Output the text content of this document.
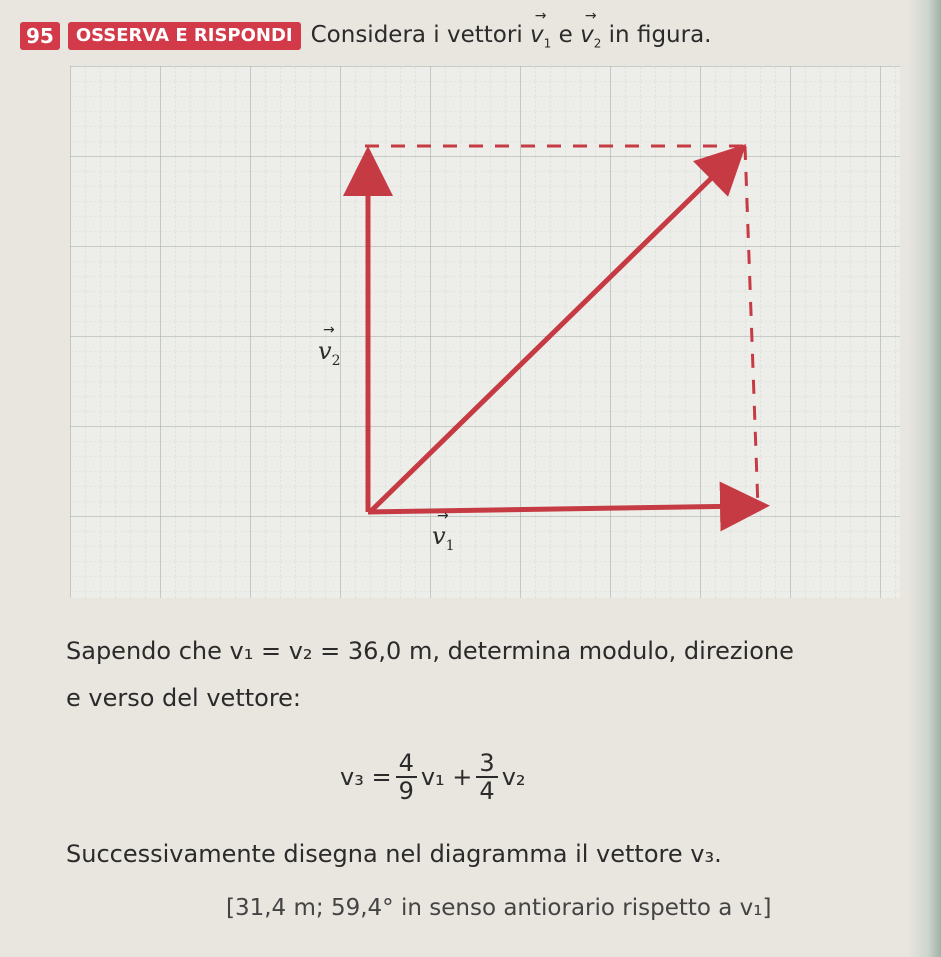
95	OSSERVA E RISPONDI Considera i vettori → $v_1$ $e \to v_2$ in figura.
$v_2$
→
$v_1$
→
Sapendo che v₁ = v₂ = 36,0 m, determina modulo, direzione
e verso del vettore:
$v_3 = \frac{4}{9} v_1 + \frac{3}{4} v_2$
Successivamente disegna nel diagramma il vettore v₃.
[31,4 m; 59,4° in senso antiorario rispetto a v₁]
